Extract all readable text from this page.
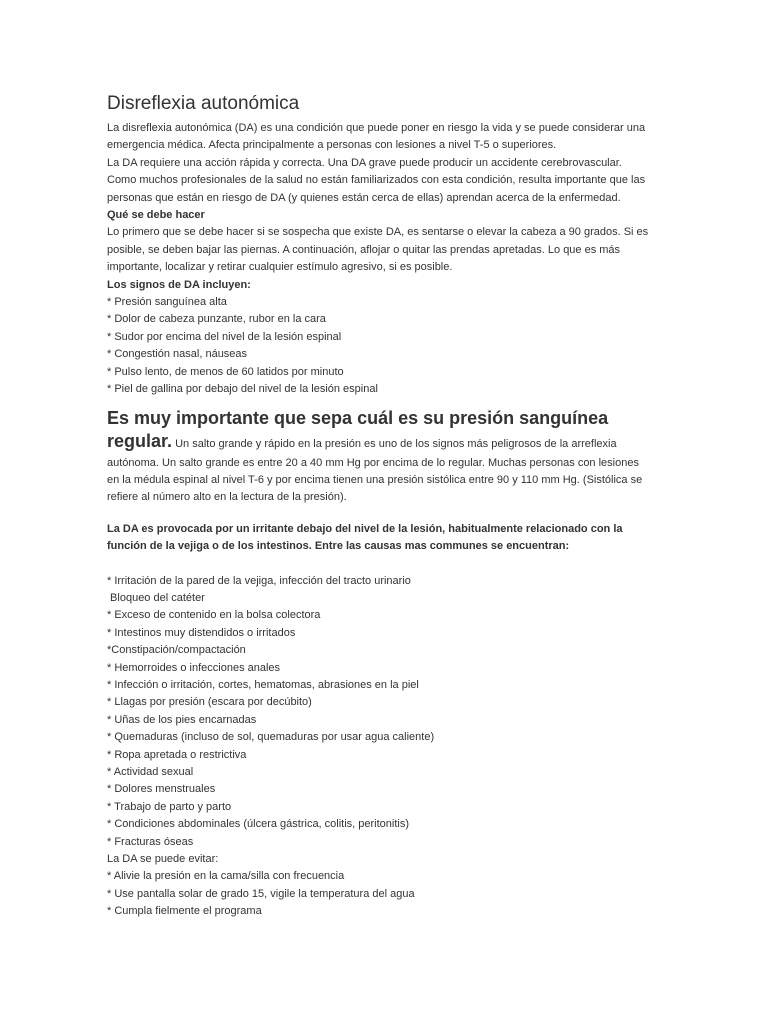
Disreflexia autonómica

La disreflexia autonómica (DA) es una condición que puede poner en riesgo la vida y se puede considerar una

emergencia médica. Afecta principalmente a personas con lesiones a nivel T-5 o superiores.

La DA requiere una acción rápida y correcta. Una DA grave puede producir un accidente cerebrovascular.

Como muchos profesionales de la salud no están familiarizados con esta condición, resulta importante que las

personas que están en riesgo de DA (y quienes están cerca de ellas) aprendan acerca de la enfermedad.

Qué se debe hacer

Lo primero que se debe hacer si se sospecha que existe DA, es sentarse o elevar la cabeza a 90 grados. Si es

posible, se deben bajar las piernas. A continuación, aflojar o quitar las prendas apretadas. Lo que es más

importante, localizar y retirar cualquier estímulo agresivo, si es posible.

Los signos de DA incluyen:

* Presión sanguínea alta

* Dolor de cabeza punzante, rubor en la cara

* Sudor por encima del nivel de la lesión espinal

* Congestión nasal, náuseas

* Pulso lento, de menos de 60 latidos por minuto

* Piel de gallina por debajo del nivel de la lesión espinal

Es muy importante que sepa cuál es su presión sanguínea

regular. Un salto grande y rápido en la presión es uno de los signos más peligrosos de la arreflexia

autónoma. Un salto grande es entre 20 a 40 mm Hg por encima de lo regular. Muchas personas con lesiones

en la médula espinal al nivel T-6 y por encima tienen una presión sistólica entre 90 y 110 mm Hg. (Sistólica se

refiere al número alto en la lectura de la presión).

La DA es provocada por un irritante debajo del nivel de la lesión, habitualmente relacionado con la

función de la vejiga o de los intestinos. Entre las causas mas communes se encuentran:

* Irritación de la pared de la vejiga, infección del tracto urinario

Bloqueo del catéter

* Exceso de contenido en la bolsa colectora

* Intestinos muy distendidos o irritados

*Constipación/compactación

* Hemorroides o infecciones anales

* Infección o irritación, cortes, hematomas, abrasiones en la piel

* Llagas por presión (escara por decúbito)

* Uñas de los pies encarnadas

* Quemaduras (incluso de sol, quemaduras por usar agua caliente)

* Ropa apretada o restrictiva

* Actividad sexual

* Dolores menstruales

* Trabajo de parto y parto

* Condiciones abdominales (úlcera gástrica, colitis, peritonitis)

* Fracturas óseas

La DA se puede evitar:

* Alivie la presión en la cama/silla con frecuencia

* Use pantalla solar de grado 15, vigile la temperatura del agua

* Cumpla fielmente el programa
